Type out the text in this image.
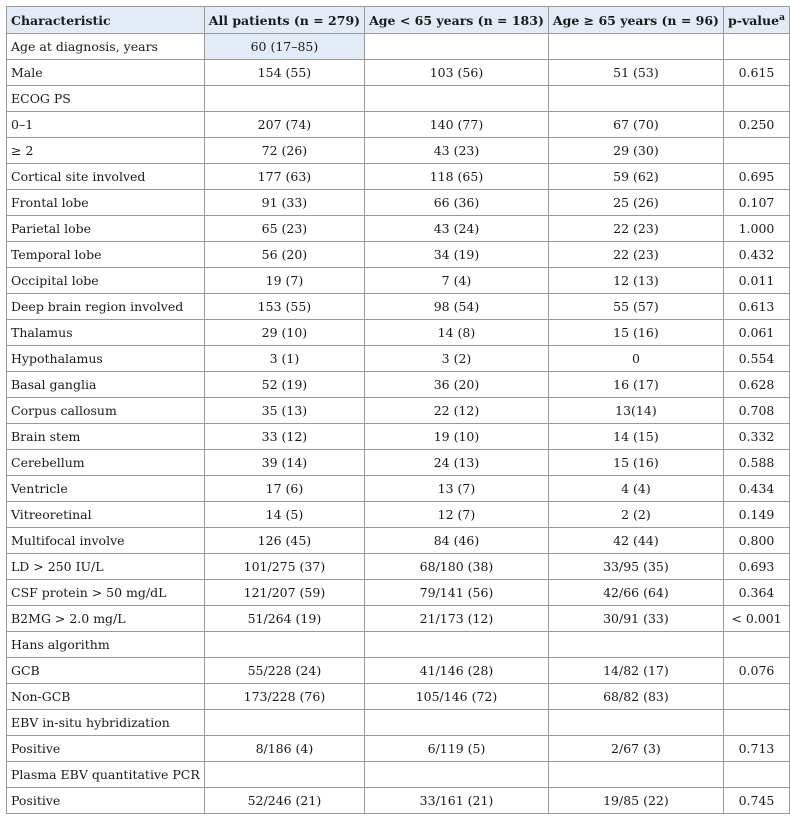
Characteristic	All patients (n = 279)	Age < 65 years (n = 183)	Age ≥ 65 years (n = 96)	p-value$^a$
Age at diagnosis, years	60 (17–85)			
Male	154 (55)	103 (56)	51 (53)	0.615
ECOG PS				
0–1	207 (74)	140 (77)	67 (70)	0.250
≥ 2	72 (26)	43 (23)	29 (30)	
Cortical site involved	177 (63)	118 (65)	59 (62)	0.695
Frontal lobe	91 (33)	66 (36)	25 (26)	0.107
Parietal lobe	65 (23)	43 (24)	22 (23)	1.000
Temporal lobe	56 (20)	34 (19)	22 (23)	0.432
Occipital lobe	19 (7)	7 (4)	12 (13)	0.011
Deep brain region involved	153 (55)	98 (54)	55 (57)	0.613
Thalamus	29 (10)	14 (8)	15 (16)	0.061
Hypothalamus	3 (1)	3 (2)	0	0.554
Basal ganglia	52 (19)	36 (20)	16 (17)	0.628
Corpus callosum	35 (13)	22 (12)	13(14)	0.708
Brain stem	33 (12)	19 (10)	14 (15)	0.332
Cerebellum	39 (14)	24 (13)	15 (16)	0.588
Ventricle	17 (6)	13 (7)	4 (4)	0.434
Vitreoretinal	14 (5)	12 (7)	2 (2)	0.149
Multifocal involve	126 (45)	84 (46)	42 (44)	0.800
LD > 250 IU/L	101/275 (37)	68/180 (38)	33/95 (35)	0.693
CSF protein > 50 mg/dL	121/207 (59)	79/141 (56)	42/66 (64)	0.364
B2MG > 2.0 mg/L	51/264 (19)	21/173 (12)	30/91 (33)	< 0.001
Hans algorithm				
GCB	55/228 (24)	41/146 (28)	14/82 (17)	0.076
Non-GCB	173/228 (76)	105/146 (72)	68/82 (83)	
EBV in-situ hybridization				
Positive	8/186 (4)	6/119 (5)	2/67 (3)	0.713
Plasma EBV quantitative PCR				
Positive	52/246 (21)	33/161 (21)	19/85 (22)	0.745
